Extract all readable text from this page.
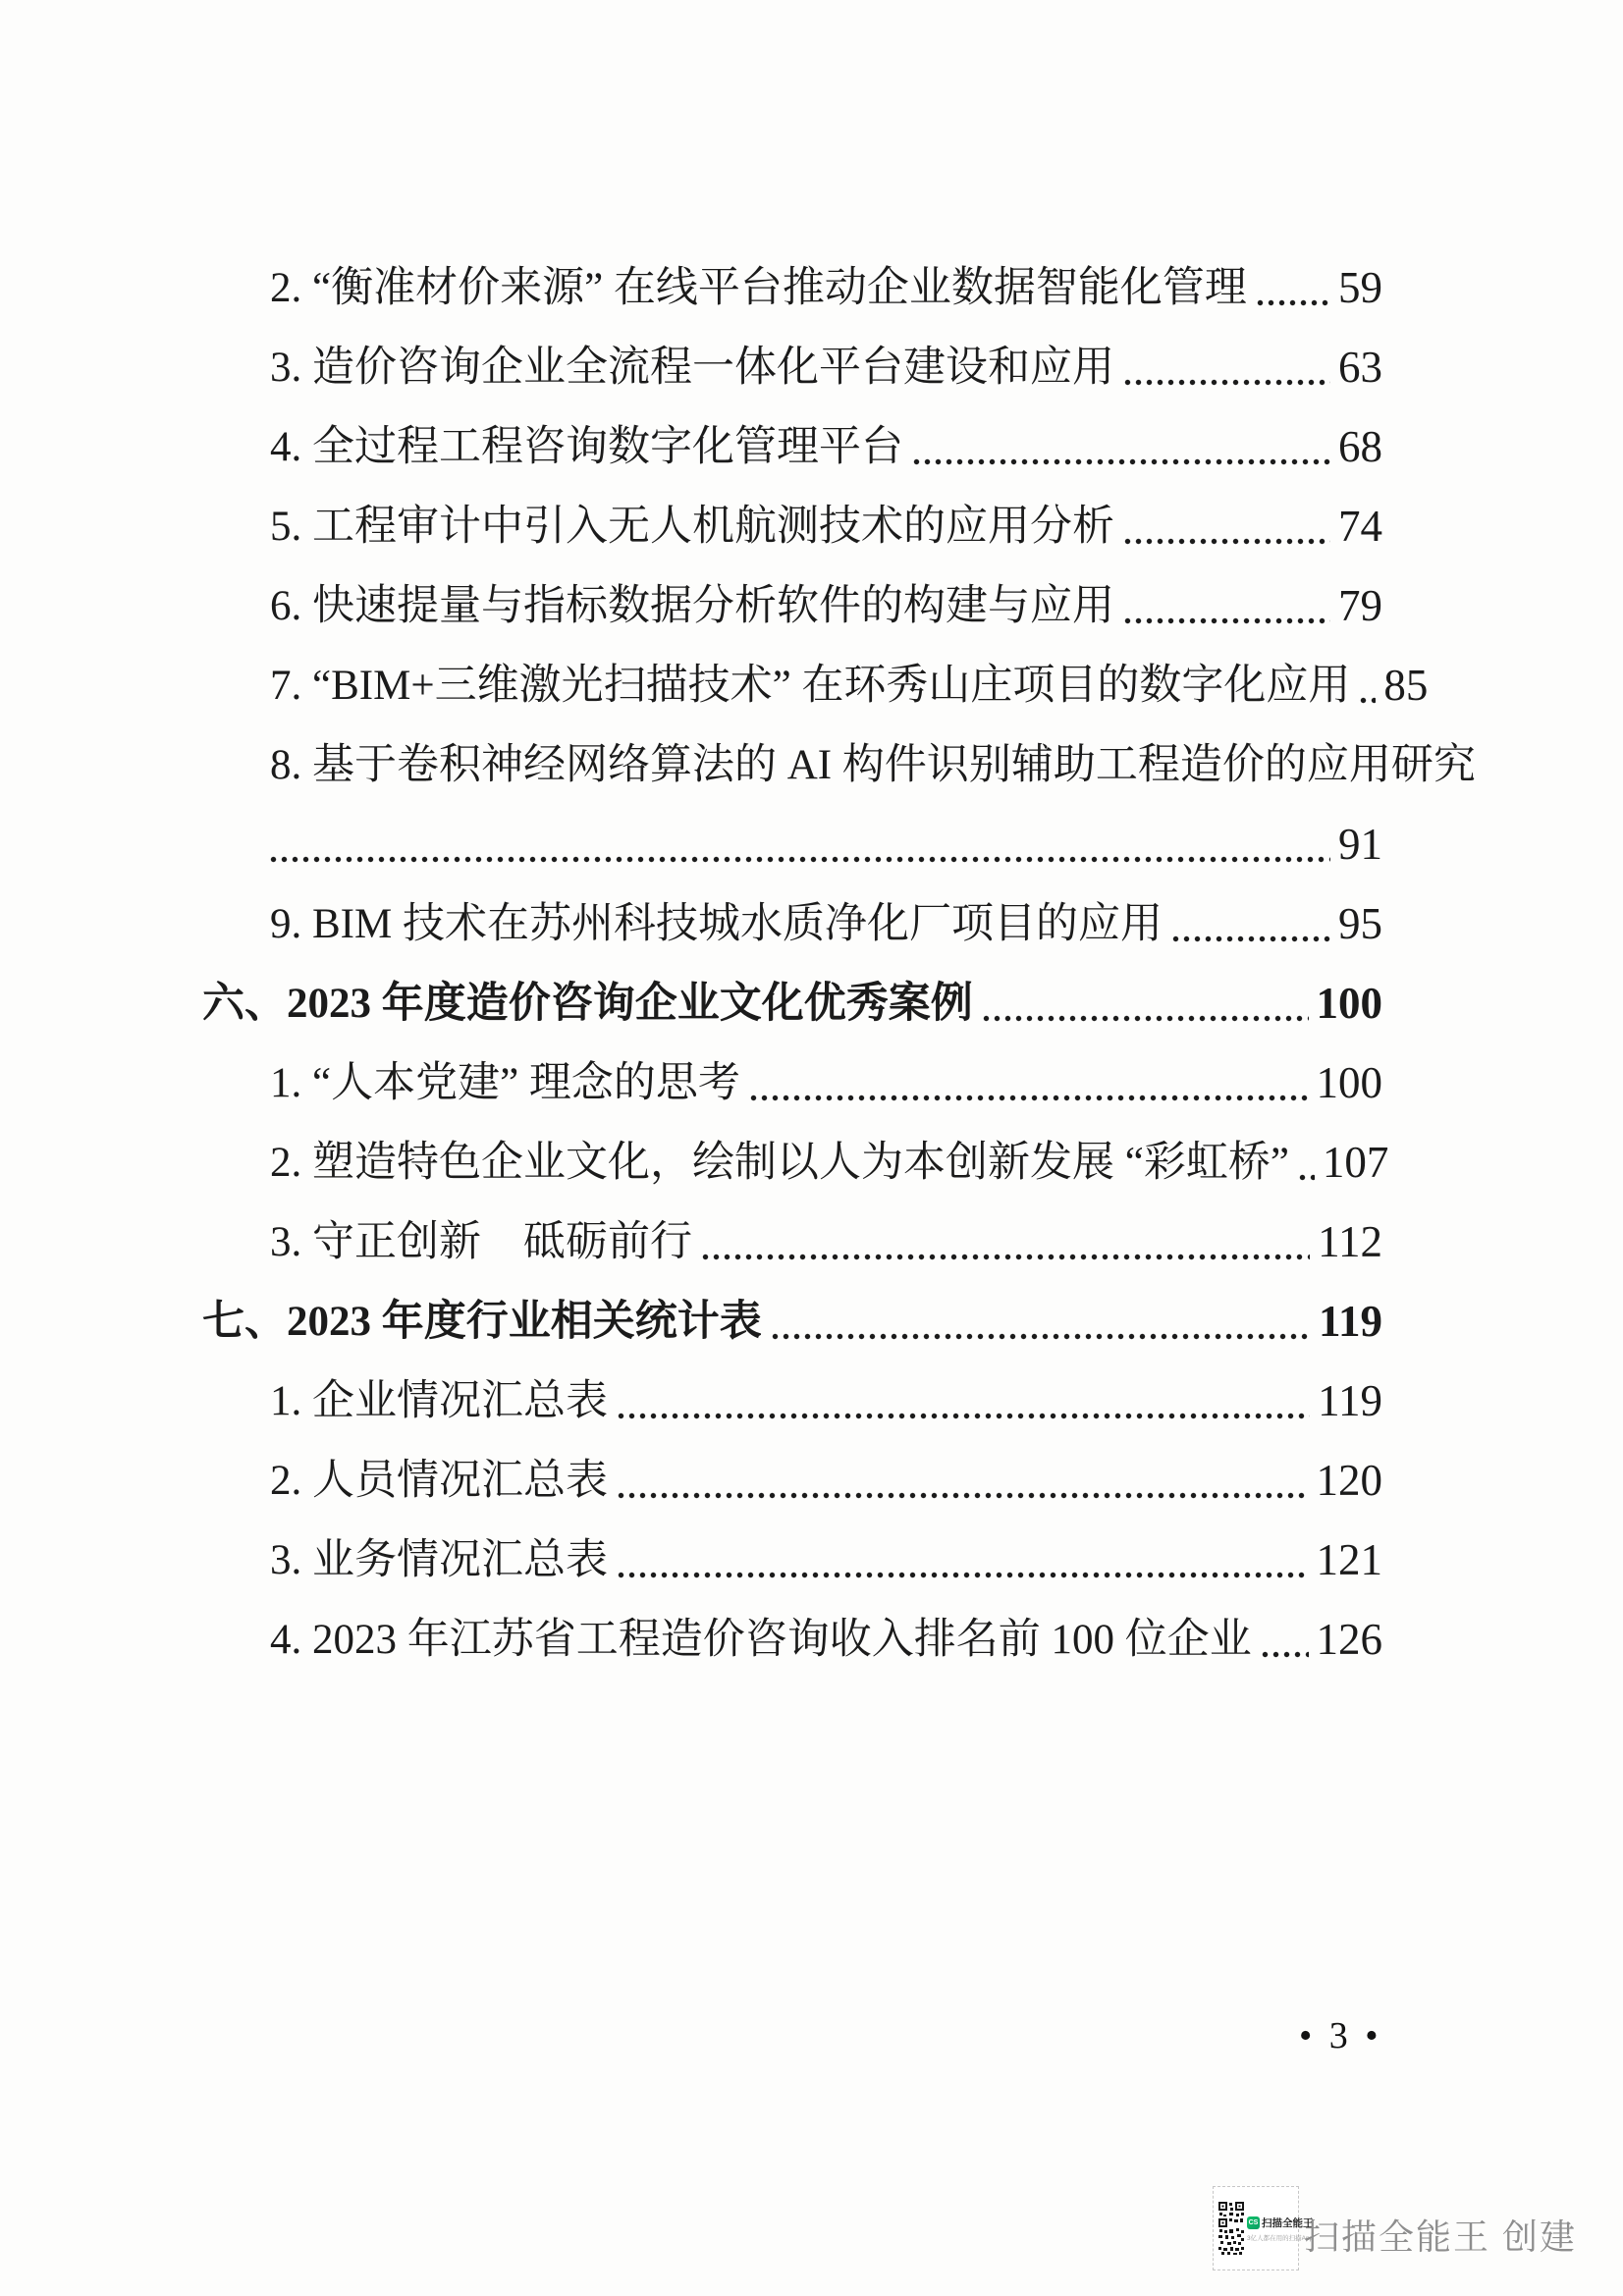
2. “衡准材价来源” 在线平台推动企业数据智能化管理 59
3. 造价咨询企业全流程一体化平台建设和应用	63
4. 全过程工程咨询数字化管理平台	68
5. 工程审计中引入无人机航测技术的应用分析	74
6. 快速提量与指标数据分析软件的构建与应用	79
7. “BIM+三维激光扫描技术” 在环秀山庄项目的数字化应用 85
8. 基于卷积神经网络算法的 AI 构件识别辅助工程造价的应用研究
91
9. BIM 技术在苏州科技城水质净化厂项目的应用	95
六、2023 年度造价咨询企业文化优秀案例	100
1. “人本党建” 理念的思考	100
2. 塑造特色企业文化，绘制以人为本创新发展 “彩虹桥” 107
3. 守正创新　砥砺前行	112
七、2023 年度行业相关统计表	119
1. 企业情况汇总表	119
2. 人员情况汇总表	120
3. 业务情况汇总表	121
4. 2023 年江苏省工程造价咨询收入排名前 100 位企业 126
• 3 •
CS 扫描全能王
3亿人都在用的扫描App
扫描全能王 创建
